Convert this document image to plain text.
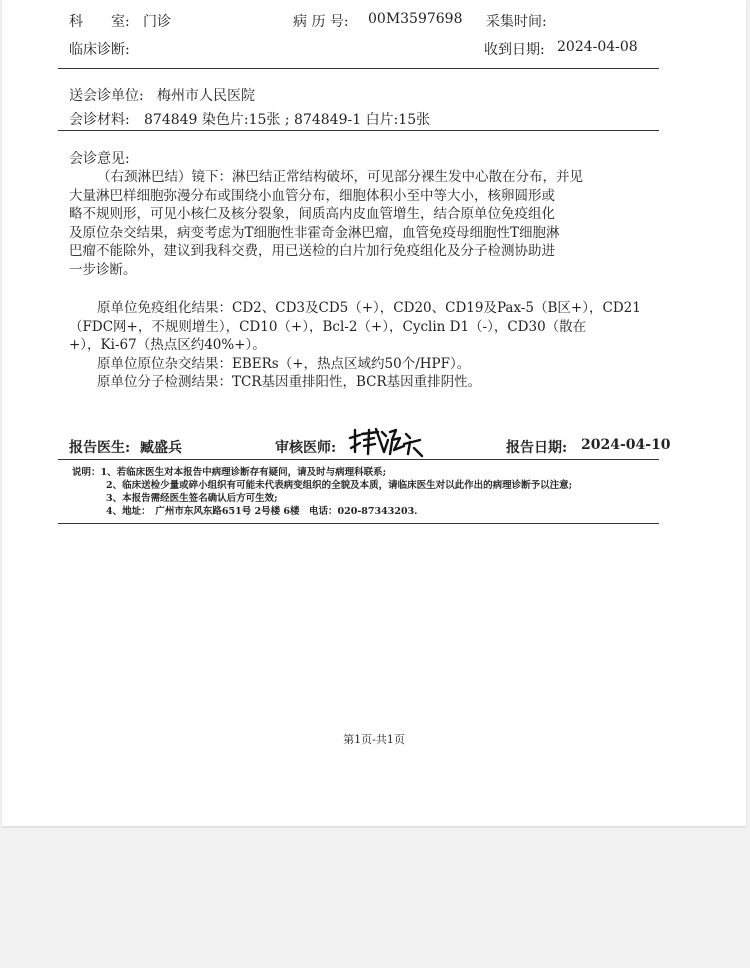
科　　室: 门诊	病 历 号: 00M3597698 采集时间:
临床诊断:	收到日期: 2024-04-08
送会诊单位: 梅州市人民医院
会诊材料: 874849 染色片:15张 ; 874849-1 白片:15张
会诊意见:
（右颈淋巴结）镜下：淋巴结正常结构破坏，可见部分裸生发中心散在分布，并见
大量淋巴样细胞弥漫分布或围绕小血管分布，细胞体积小至中等大小，核卵圆形或
略不规则形，可见小核仁及核分裂象，间质高内皮血管增生，结合原单位免疫组化
及原位杂交结果，病变考虑为T细胞性非霍奇金淋巴瘤，血管免疫母细胞性T细胞淋
巴瘤不能除外，建议到我科交费，用已送检的白片加行免疫组化及分子检测协助进
一步诊断。
原单位免疫组化结果：CD2、CD3及CD5（+），CD20、CD19及Pax-5（B区+），CD21
（FDC网+，不规则增生），CD10（+），Bcl-2（+），Cyclin D1（-），CD30（散在
+），Ki-67（热点区约40%+）。
原单位原位杂交结果：EBERs（+，热点区域约50个/HPF）。
原单位分子检测结果：TCR基因重排阳性，BCR基因重排阴性。
报告医生: 臧盛兵	审核医师:	报告日期: 2024-04-10
说明：1、若临床医生对本报告中病理诊断存有疑问，请及时与病理科联系;
2、临床送检少量或碎小组织有可能未代表病变组织的全貌及本质，请临床医生对以此作出的病理诊断予以注意;
3、本报告需经医生签名确认后方可生效;
4、地址：　广州市东风东路651号 2号楼 6楼　电话：020-87343203.
第1页-共1页
